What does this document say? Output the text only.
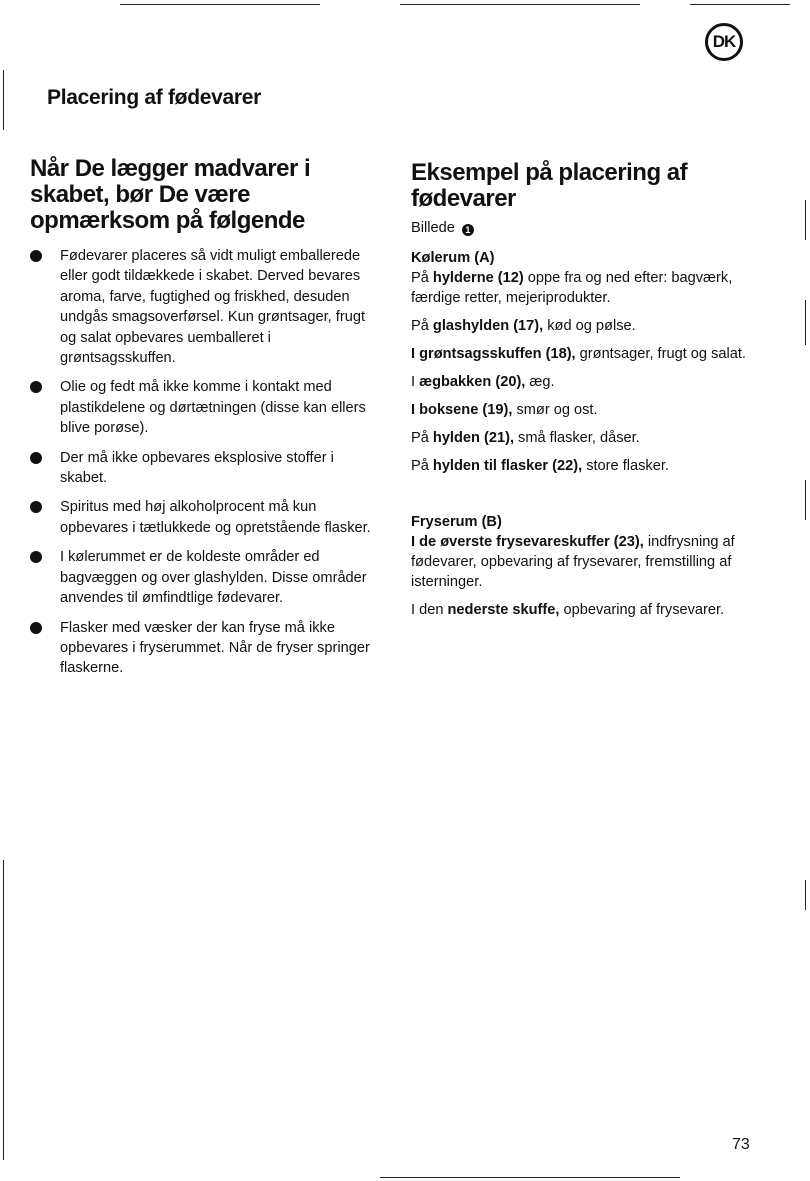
DK
Placering af fødevarer
Når De lægger madvarer i skabet, bør De være opmærksom på følgende
Fødevarer placeres så vidt muligt emballerede eller godt tildækkede i skabet. Derved bevares aroma, farve, fugtighed og friskhed, desuden undgås smagsoverførsel. Kun grøntsager, frugt og salat opbevares uemballeret i grøntsagsskuffen.
Olie og fedt må ikke komme i kontakt med plastikdelene og dørtætningen (disse kan ellers blive porøse).
Der må ikke opbevares eksplosive stoffer i skabet.
Spiritus med høj alkoholprocent må kun opbevares i tætlukkede og opretstående flasker.
I kølerummet er de koldeste områder ed bagvæggen og over glashylden. Disse områder anvendes til ømfindtlige fødevarer.
Flasker med væsker der kan fryse må ikke opbevares i fryserummet. Når de fryser springer flaskerne.
Eksempel på placering af fødevarer

Billede 1

Kølerum (A)

På hylderne (12) oppe fra og ned efter: bagværk, færdige retter, mejeriprodukter.

På glashylden (17), kød og pølse.

I grøntsagsskuffen (18), grøntsager, frugt og salat.

I ægbakken (20), æg.

I boksene (19), smør og ost.

På hylden (21), små flasker, dåser.

På hylden til flasker (22), store flasker.

Fryserum (B)

I de øverste frysevareskuffer (23), indfrysning af fødevarer, opbevaring af frysevarer, fremstilling af isterninger.

I den nederste skuffe, opbevaring af frysevarer.

73
